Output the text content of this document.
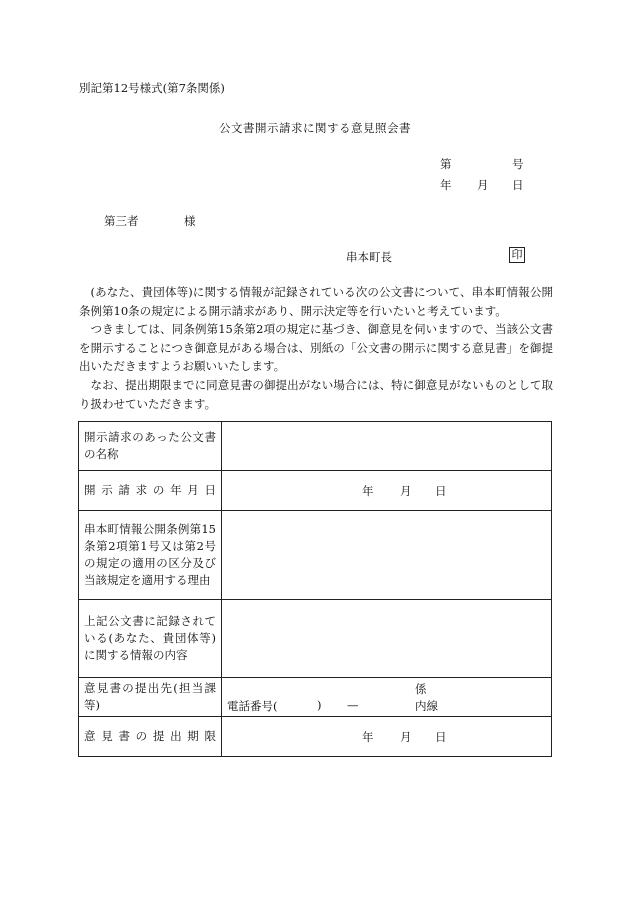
別記第12号様式(第7条関係)
公文書開示請求に関する意見照会書
第	号
年 月 日
第三者	様
串本町長	印

(あなた、貴団体等)に関する情報が記録されている次の公文書について、串本町情報公開条例第10条の規定による開示請求があり、開示決定等を行いたいと考えています。

つきましては、同条例第15条第2項の規定に基づき、御意見を伺いますので、当該公文書を開示することにつき御意見がある場合は、別紙の「公文書の開示に関する意見書」を御提出いただきますようお願いいたします。

なお、提出期限までに同意見書の御提出がない場合には、特に御意見がないものとして取り扱わせていただきます。

開示請求のあった公文書の名称	
開示請求の年月日	年 月 日

串本町情報公開条例第15条第2項第1号又は第2号の規定の適用の区分及び当該規定を適用する理由	
上記公文書に記録されている(あなた、貴団体等)に関する情報の内容	
意見書の提出先(担当課等)	係
電話番号( ) — 内線

意見書の提出期限	年 月 日
